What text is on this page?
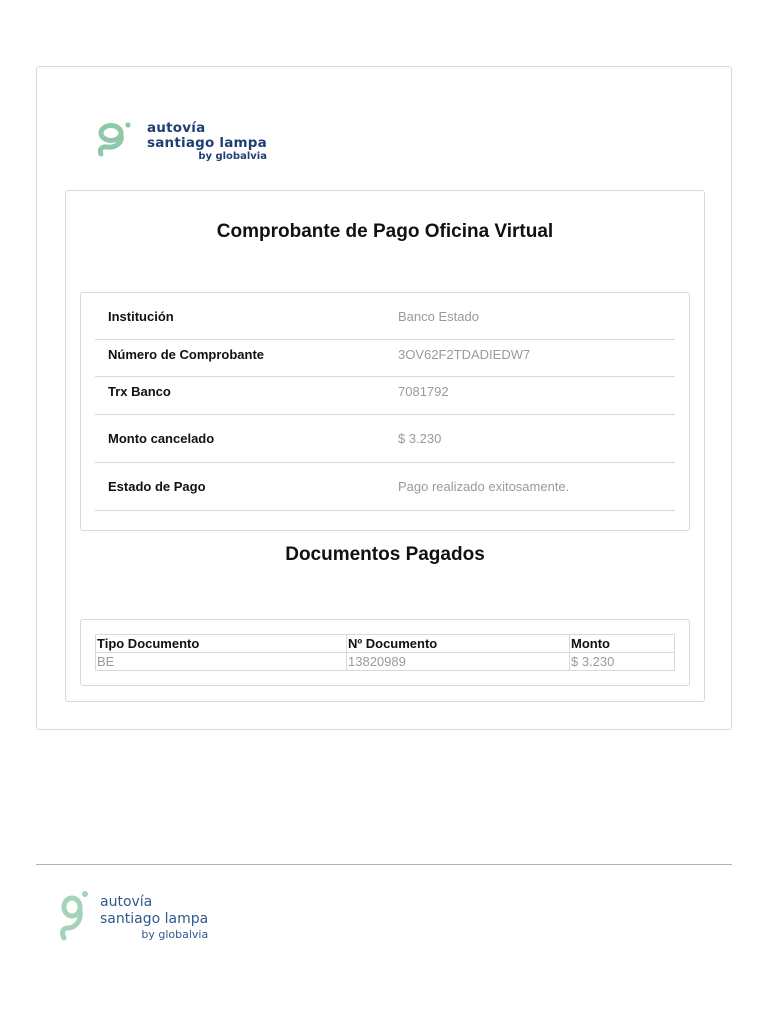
autovía
santiago lampa
by globalvia
Comprobante de Pago Oficina Virtual
Institución	Banco Estado
Número de Comprobante	3OV62F2TDADIEDW7
Trx Banco	7081792
Monto cancelado	$ 3.230
Estado de Pago	Pago realizado exitosamente.
Documentos Pagados
Tipo Documento	Nº Documento	Monto
BE	13820989	$ 3.230
autovía
santiago lampa
by globalvia
